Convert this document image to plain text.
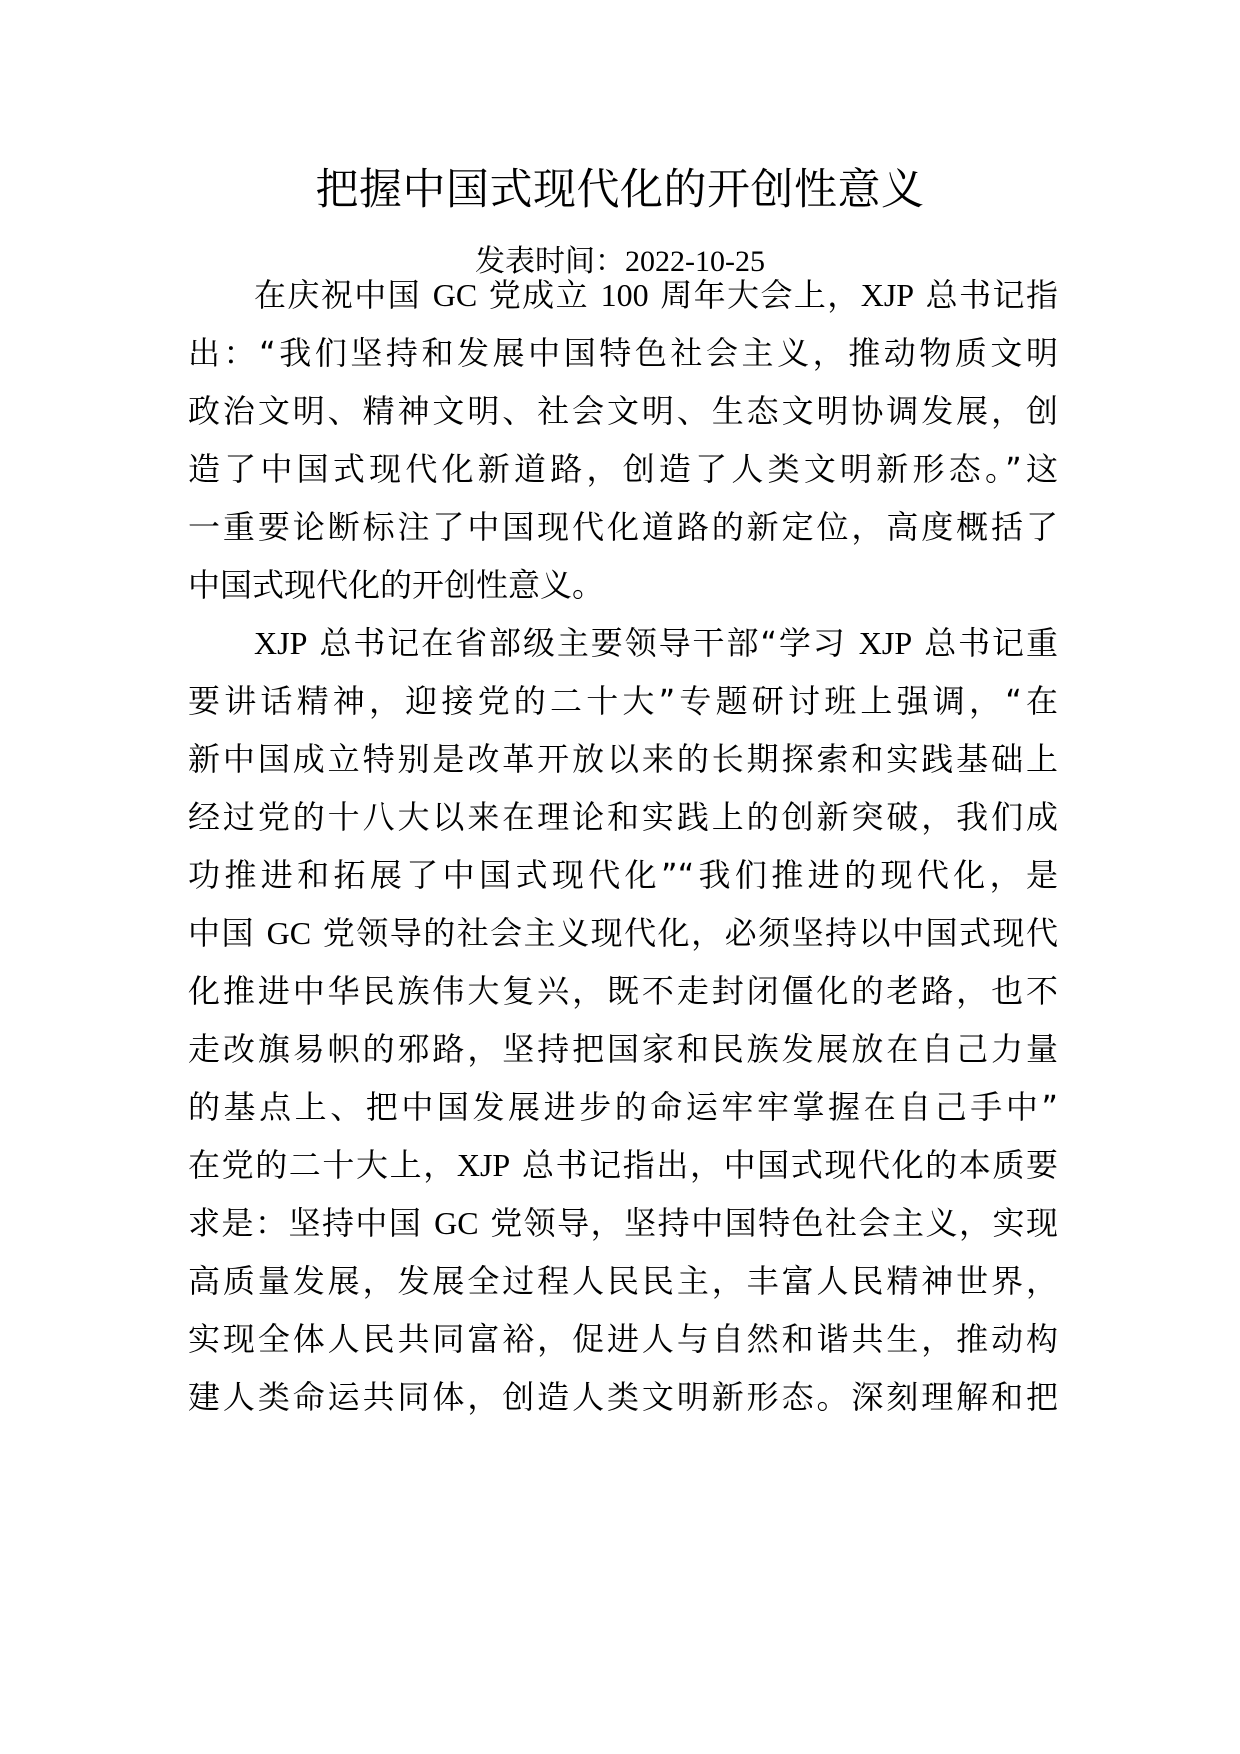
把握中国式现代化的开创性意义
发表时间：2022-10-25
在庆祝中国 GC 党成立 100 周年大会上，XJP 总书记指
出：“我们坚持和发展中国特色社会主义，推动物质文明
政治文明、精神文明、社会文明、生态文明协调发展，创
造了中国式现代化新道路，创造了人类文明新形态。”这
一重要论断标注了中国现代化道路的新定位，高度概括了
中国式现代化的开创性意义。
XJP 总书记在省部级主要领导干部“学习 XJP 总书记重
要讲话精神，迎接党的二十大”专题研讨班上强调，“在
新中国成立特别是改革开放以来的长期探索和实践基础上
经过党的十八大以来在理论和实践上的创新突破，我们成
功推进和拓展了中国式现代化”“我们推进的现代化，是
中国 GC 党领导的社会主义现代化，必须坚持以中国式现代
化推进中华民族伟大复兴，既不走封闭僵化的老路，也不
走改旗易帜的邪路，坚持把国家和民族发展放在自己力量
的基点上、把中国发展进步的命运牢牢掌握在自己手中”
在党的二十大上，XJP 总书记指出，中国式现代化的本质要
求是：坚持中国 GC 党领导，坚持中国特色社会主义，实现
高质量发展，发展全过程人民民主，丰富人民精神世界，
实现全体人民共同富裕，促进人与自然和谐共生，推动构
建人类命运共同体，创造人类文明新形态。深刻理解和把
